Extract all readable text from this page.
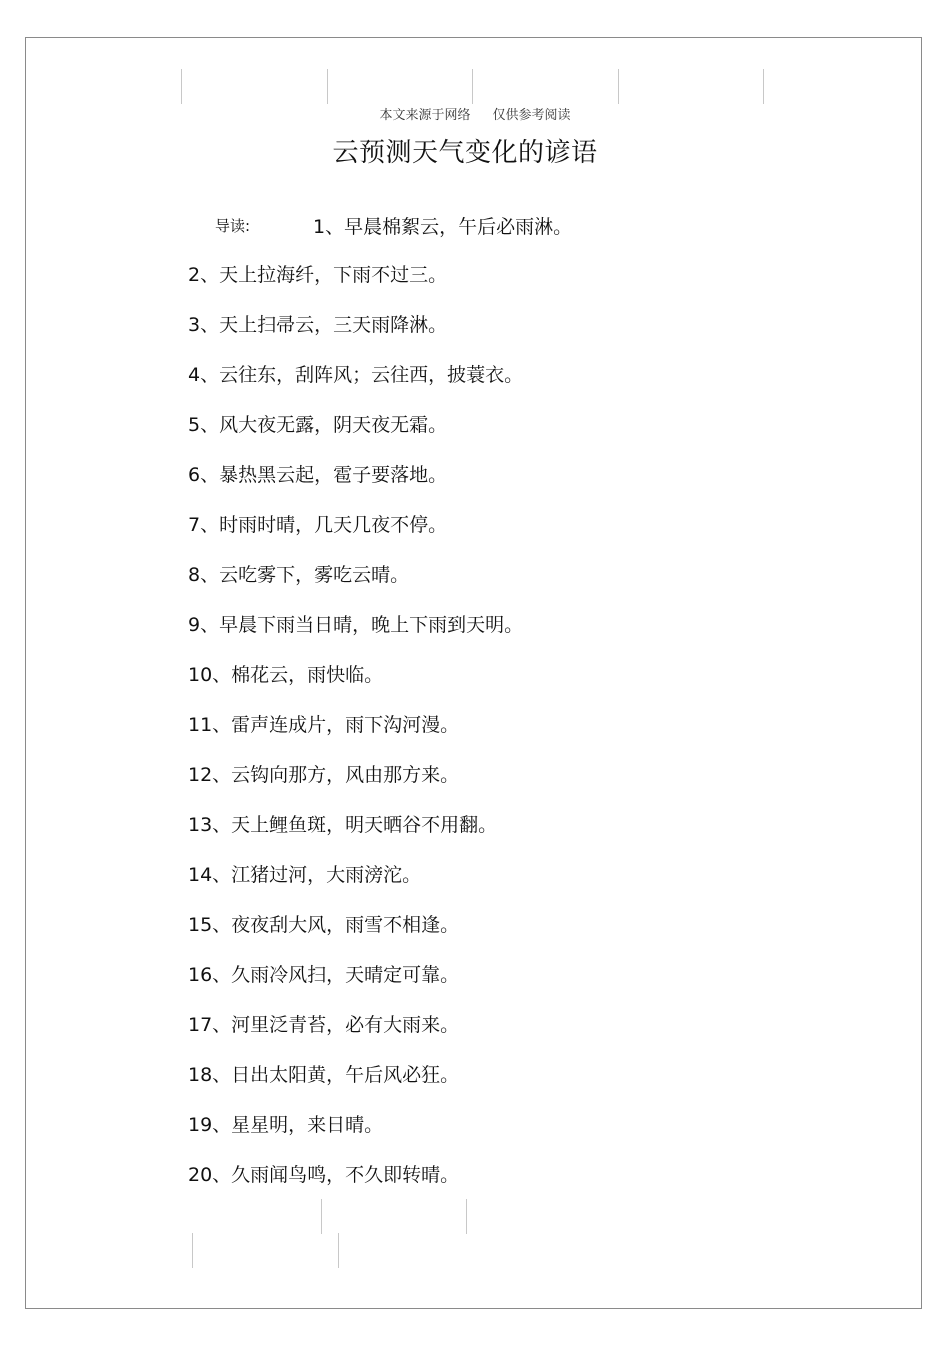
本文来源于网络 仅供参考阅读
云预测天气变化的谚语
导读:	1、早晨棉絮云，午后必雨淋。
2、天上拉海纤，下雨不过三。
3、天上扫帚云，三天雨降淋。
4、云往东，刮阵风；云往西，披蓑衣。
5、风大夜无露，阴天夜无霜。
6、暴热黑云起，雹子要落地。
7、时雨时晴，几天几夜不停。
8、云吃雾下，雾吃云晴。
9、早晨下雨当日晴，晚上下雨到天明。
10、棉花云，雨快临。
11、雷声连成片，雨下沟河漫。
12、云钩向那方，风由那方来。
13、天上鲤鱼斑，明天晒谷不用翻。
14、江猪过河，大雨滂沱。
15、夜夜刮大风，雨雪不相逢。
16、久雨冷风扫，天晴定可靠。
17、河里泛青苔，必有大雨来。
18、日出太阳黄，午后风必狂。
19、星星明，来日晴。
20、久雨闻鸟鸣，不久即转晴。
